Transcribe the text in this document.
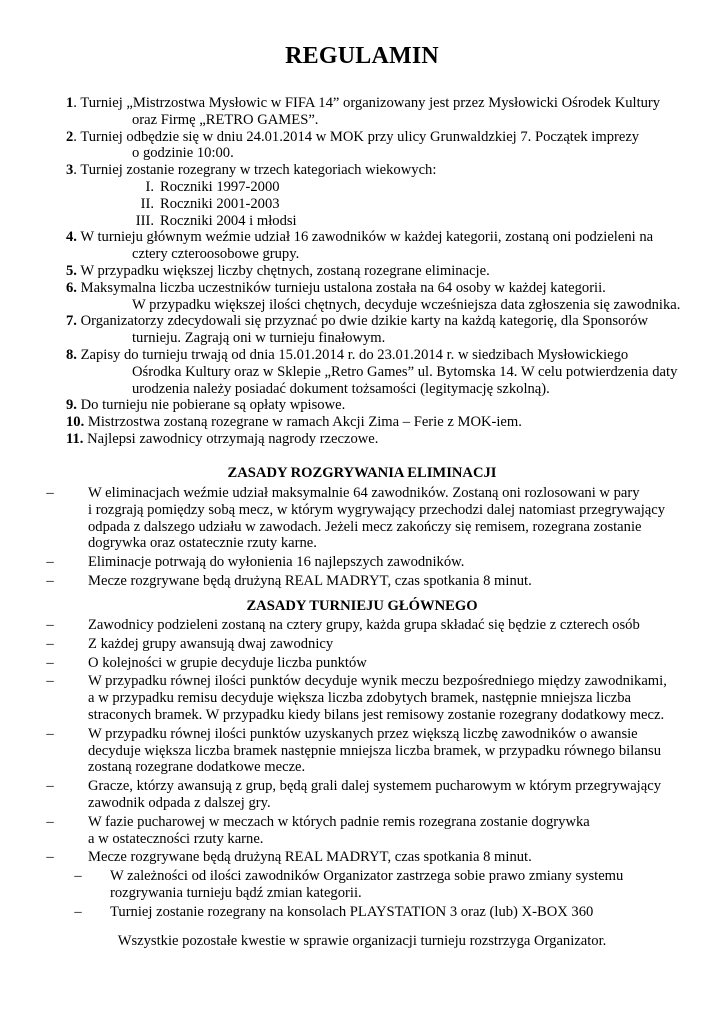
REGULAMIN
1. Turniej „Mistrzostwa Mysłowic w FIFA 14” organizowany jest przez Mysłowicki Ośrodek Kultury
oraz Firmę „RETRO GAMES”.
2. Turniej odbędzie się w dniu 24.01.2014 w MOK przy ulicy Grunwaldzkiej 7. Początek imprezy
o godzinie 10:00.
3. Turniej zostanie rozegrany w trzech kategoriach wiekowych:
I. Roczniki 1997-2000
II. Roczniki 2001-2003
III. Roczniki 2004 i młodsi
4. W turnieju głównym weźmie udział 16 zawodników w każdej kategorii, zostaną oni podzieleni na
cztery czteroosobowe grupy.
5. W przypadku większej liczby chętnych, zostaną rozegrane eliminacje.
6. Maksymalna liczba uczestników turnieju ustalona została na 64 osoby w każdej kategorii.
W przypadku większej ilości chętnych, decyduje wcześniejsza data zgłoszenia się zawodnika.
7. Organizatorzy zdecydowali się przyznać po dwie dzikie karty na każdą kategorię, dla Sponsorów
turnieju. Zagrają oni w turnieju finałowym.
8. Zapisy do turnieju trwają od dnia 15.01.2014 r. do 23.01.2014 r. w siedzibach Mysłowickiego
Ośrodka Kultury oraz w Sklepie „Retro Games” ul. Bytomska 14. W celu potwierdzenia daty
urodzenia należy posiadać dokument tożsamości (legitymację szkolną).
9. Do turnieju nie pobierane są opłaty wpisowe.
10. Mistrzostwa zostaną rozegrane w ramach Akcji Zima – Ferie z MOK-iem.
11. Najlepsi zawodnicy otrzymają nagrody rzeczowe.
ZASADY ROZGRYWANIA ELIMINACJI
–	W eliminacjach weźmie udział maksymalnie 64 zawodników. Zostaną oni rozlosowani w pary
i rozgrają pomiędzy sobą mecz, w którym wygrywający przechodzi dalej natomiast przegrywający
odpada z dalszego udziału w zawodach. Jeżeli mecz zakończy się remisem, rozegrana zostanie
dogrywka oraz ostatecznie rzuty karne.
–	Eliminacje potrwają do wyłonienia 16 najlepszych zawodników.
–	Mecze rozgrywane będą drużyną REAL MADRYT, czas spotkania 8 minut.
ZASADY TURNIEJU GŁÓWNEGO
–	Zawodnicy podzieleni zostaną na cztery grupy, każda grupa składać się będzie z czterech osób
–	Z każdej grupy awansują dwaj zawodnicy
–	O kolejności w grupie decyduje liczba punktów
–	W przypadku równej ilości punktów decyduje wynik meczu bezpośredniego między zawodnikami,
a w przypadku remisu decyduje większa liczba zdobytych bramek, następnie mniejsza liczba
straconych bramek. W przypadku kiedy bilans jest remisowy zostanie rozegrany dodatkowy mecz.
–	W przypadku równej ilości punktów uzyskanych przez większą liczbę zawodników o awansie
decyduje większa liczba bramek następnie mniejsza liczba bramek, w przypadku równego bilansu
zostaną rozegrane dodatkowe mecze.
–	Gracze, którzy awansują z grup, będą grali dalej systemem pucharowym w którym przegrywający
zawodnik odpada z dalszej gry.
–	W fazie pucharowej w meczach w których padnie remis rozegrana zostanie dogrywka
a w ostateczności rzuty karne.
–	Mecze rozgrywane będą drużyną REAL MADRYT, czas spotkania 8 minut.
–	W zależności od ilości zawodników Organizator zastrzega sobie prawo zmiany systemu
rozgrywania turnieju bądź zmian kategorii.
–	Turniej zostanie rozegrany na konsolach PLAYSTATION 3 oraz (lub) X-BOX 360
Wszystkie pozostałe kwestie w sprawie organizacji turnieju rozstrzyga Organizator.
